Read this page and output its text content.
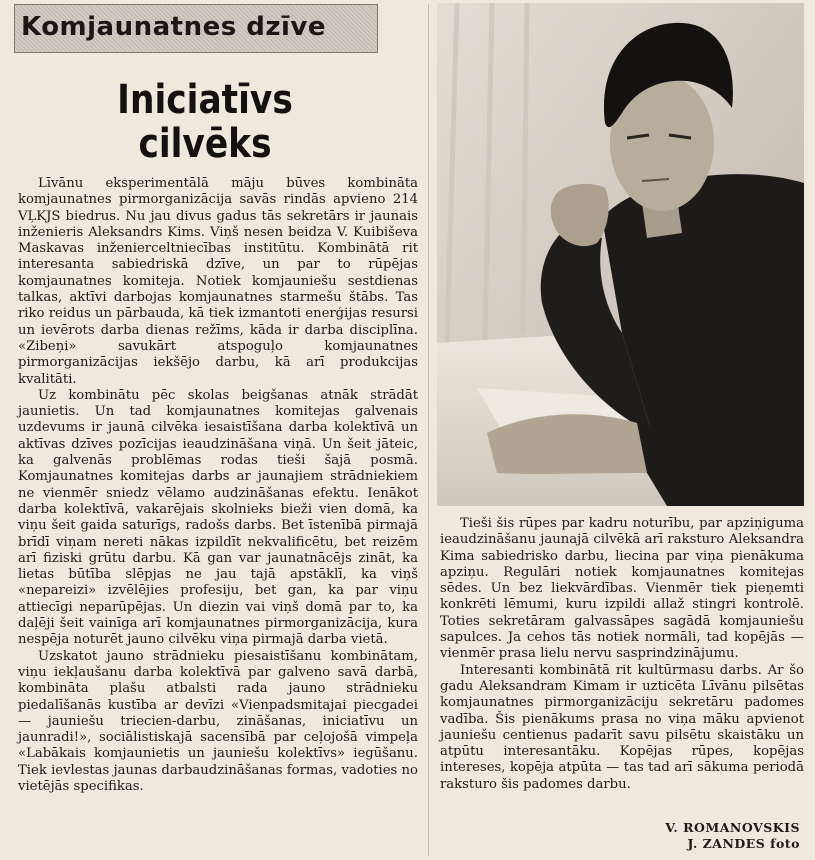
Komjaunatnes dzīve
Iniciatīvs
cilvēks

Līvānu eksperimentālā māju būves kombināta komjaunatnes pirmorganizācija savās rindās apvieno 214 VĻKJS biedrus. Nu jau divus gadus tās sekretārs ir jaunais inženieris Aleksandrs Kims. Viņš nesen beidza V. Kuibiševa Maskavas inženierceltniecības institūtu. Kombinātā rit interesanta sabiedriskā dzīve, un par to rūpējas komjaunatnes komiteja. Notiek komjauniešu sestdienas talkas, aktīvi darbojas komjaunatnes starmešu štābs. Tas riko reidus un pārbauda, kā tiek izmantoti enerģijas resursi un ievērots darba dienas režīms, kāda ir darba disciplīna. «Zibeņi» savukārt atspoguļo komjaunatnes pirmorganizācijas iekšējo darbu, kā arī produkcijas kvalitāti.

Uz kombinātu pēc skolas beigšanas atnāk strādāt jaunietis. Un tad komjaunatnes komitejas galvenais uzdevums ir jaunā cilvēka iesaistīšana darba kolektīvā un aktīvas dzīves pozīcijas ieaudzināšana viņā. Un šeit jāteic, ka galvenās problēmas rodas tieši šajā posmā. Komjaunatnes komitejas darbs ar jaunajiem strādniekiem ne vienmēr sniedz vēlamo audzināšanas efektu. Ienākot darba kolektīvā, vakarējais skolnieks bieži vien domā, ka viņu šeit gaida saturīgs, radošs darbs. Bet īstenībā pirmajā brīdī viņam nereti nākas izpildīt nekvalificētu, bet reizēm arī fiziski grūtu darbu. Kā gan var jaunatnācējs zināt, ka lietas būtība slēpjas ne jau tajā apstāklī, ka viņš «nepareizi» izvēlējies profesiju, bet gan, ka par viņu attiecīgi neparūpējas. Un diezin vai viņš domā par to, ka daļēji šeit vainīga arī komjaunatnes pirmorganizācija, kura nespēja noturēt jauno cilvēku viņa pirmajā darba vietā.

Uzskatot jauno strādnieku piesaistīšanu kombinātam, viņu iekļaušanu darba kolektīvā par galveno savā darbā, kombināta plašu atbalsti rada jauno strādnieku piedalīšanās kustība ar devīzi «Vienpadsmitajai piecgadei — jauniešu triecien-darbu, zināšanas, iniciatīvu un jaunradi!», sociālistiskajā sacensībā par ceļojošā vimpeļa «Labākais komjaunietis un jauniešu kolektīvs» iegūšanu. Tiek ievlestas jaunas darbaudzināšanas formas, vadoties no vietējās specifikas.

Tieši šis rūpes par kadru noturību, par apziņiguma ieaudzināšanu jaunajā cilvēkā arī raksturo Aleksandra Kima sabiedrisko darbu, liecina par viņa pienākuma apziņu. Regulāri notiek komjaunatnes komitejas sēdes. Un bez liekvārdības. Vienmēr tiek pieņemti konkrēti lēmumi, kuru izpildi allaž stingri kontrolē. Toties sekretāram galvassāpes sagādā komjauniešu sapulces. Ja cehos tās notiek normāli, tad kopējās — vienmēr prasa lielu nervu sasprindzinājumu.

Interesanti kombinātā rit kultūrmasu darbs. Ar šo gadu Aleksandram Kimam ir uzticēta Līvānu pilsētas komjaunatnes pirmorganizāciju sekretāru padomes vadība. Šis pienākums prasa no viņa māku apvienot jauniešu centienus padarīt savu pilsētu skaistāku un atpūtu interesantāku. Kopējas rūpes, kopējas intereses, kopēja atpūta — tas tad arī sākuma periodā raksturo šis padomes darbu.

V. ROMANOVSKIS
J. ZANDES foto
